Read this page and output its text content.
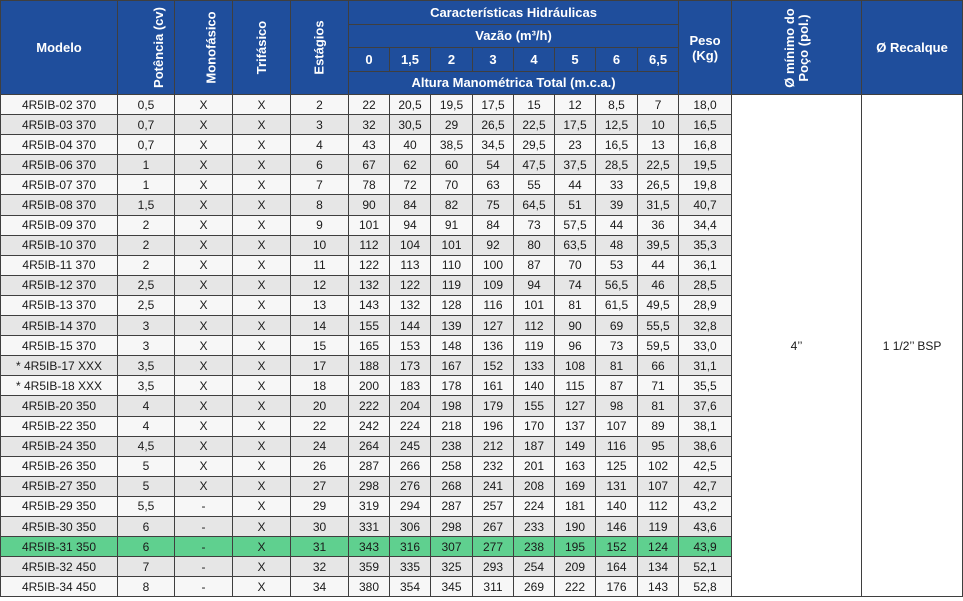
Modelo	Potência (cv)	Monofásico	Trifásico	Estágios	Características Hidráulicas								Peso (Kg)	Ø mínimo do Poço (pol.)	Ø Recalque
					Vazão (m³/h)										
					0	1,5	2	3	4	5	6	6,5			
					Altura Manométrica Total (m.c.a.)										
4R5IB-02 370	0,5	X	X	2	22	20,5	19,5	17,5	15	12	8,5	7	18,0	4’’	1 1/2’’ BSP
4R5IB-03 370	0,7	X	X	3	32	30,5	29	26,5	22,5	17,5	12,5	10	16,5		
4R5IB-04 370	0,7	X	X	4	43	40	38,5	34,5	29,5	23	16,5	13	16,8		
4R5IB-06 370	1	X	X	6	67	62	60	54	47,5	37,5	28,5	22,5	19,5		
4R5IB-07 370	1	X	X	7	78	72	70	63	55	44	33	26,5	19,8		
4R5IB-08 370	1,5	X	X	8	90	84	82	75	64,5	51	39	31,5	40,7		
4R5IB-09 370	2	X	X	9	101	94	91	84	73	57,5	44	36	34,4		
4R5IB-10 370	2	X	X	10	112	104	101	92	80	63,5	48	39,5	35,3		
4R5IB-11 370	2	X	X	11	122	113	110	100	87	70	53	44	36,1		
4R5IB-12 370	2,5	X	X	12	132	122	119	109	94	74	56,5	46	28,5		
4R5IB-13 370	2,5	X	X	13	143	132	128	116	101	81	61,5	49,5	28,9		
4R5IB-14 370	3	X	X	14	155	144	139	127	112	90	69	55,5	32,8		
4R5IB-15 370	3	X	X	15	165	153	148	136	119	96	73	59,5	33,0		
* 4R5IB-17 XXX	3,5	X	X	17	188	173	167	152	133	108	81	66	31,1		
* 4R5IB-18 XXX	3,5	X	X	18	200	183	178	161	140	115	87	71	35,5		
4R5IB-20 350	4	X	X	20	222	204	198	179	155	127	98	81	37,6		
4R5IB-22 350	4	X	X	22	242	224	218	196	170	137	107	89	38,1		
4R5IB-24 350	4,5	X	X	24	264	245	238	212	187	149	116	95	38,6		
4R5IB-26 350	5	X	X	26	287	266	258	232	201	163	125	102	42,5		
4R5IB-27 350	5	X	X	27	298	276	268	241	208	169	131	107	42,7		
4R5IB-29 350	5,5	-	X	29	319	294	287	257	224	181	140	112	43,2		
4R5IB-30 350	6	-	X	30	331	306	298	267	233	190	146	119	43,6		
4R5IB-31 350	6	-	X	31	343	316	307	277	238	195	152	124	43,9		
4R5IB-32 450	7	-	X	32	359	335	325	293	254	209	164	134	52,1		
4R5IB-34 450	8	-	X	34	380	354	345	311	269	222	176	143	52,8		
